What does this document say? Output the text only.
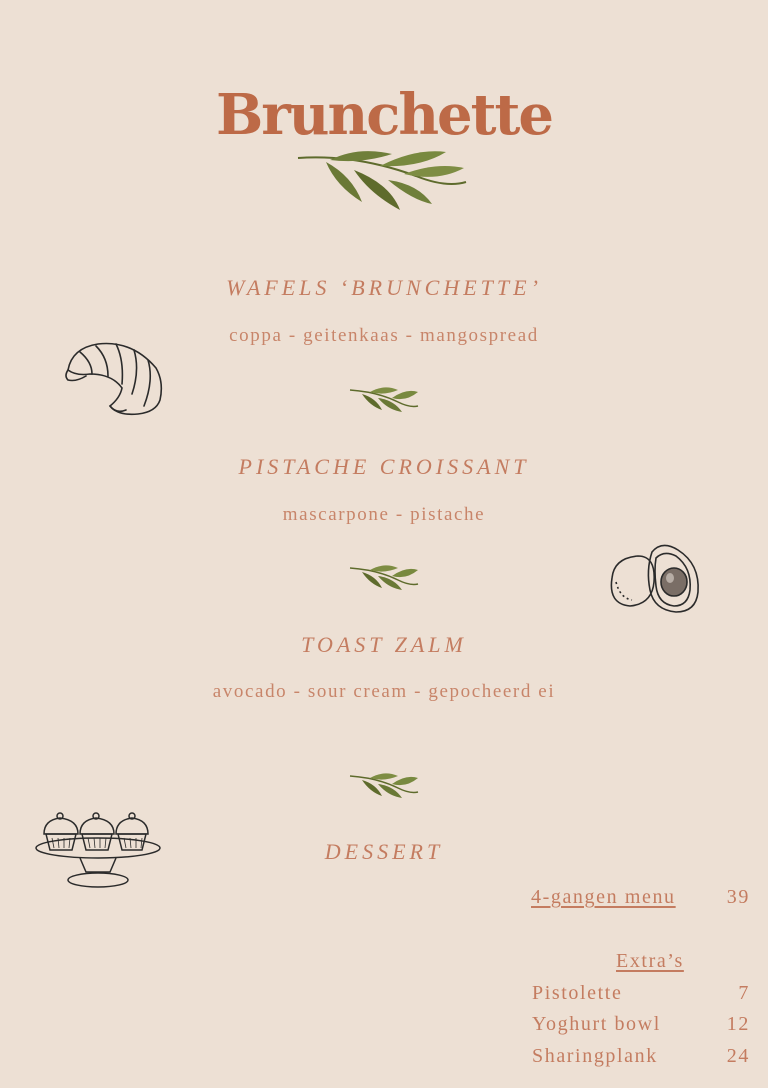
Brunchette
WAFELS ‘BRUNCHETTE’
coppa - geitenkaas - mangospread
PISTACHE CROISSANT
mascarpone - pistache
TOAST ZALM
avocado - sour cream - gepocheerd ei
DESSERT
4-gangen menu	39
Extra’s
Pistolette	7
Yoghurt bowl	12
Sharingplank	24
